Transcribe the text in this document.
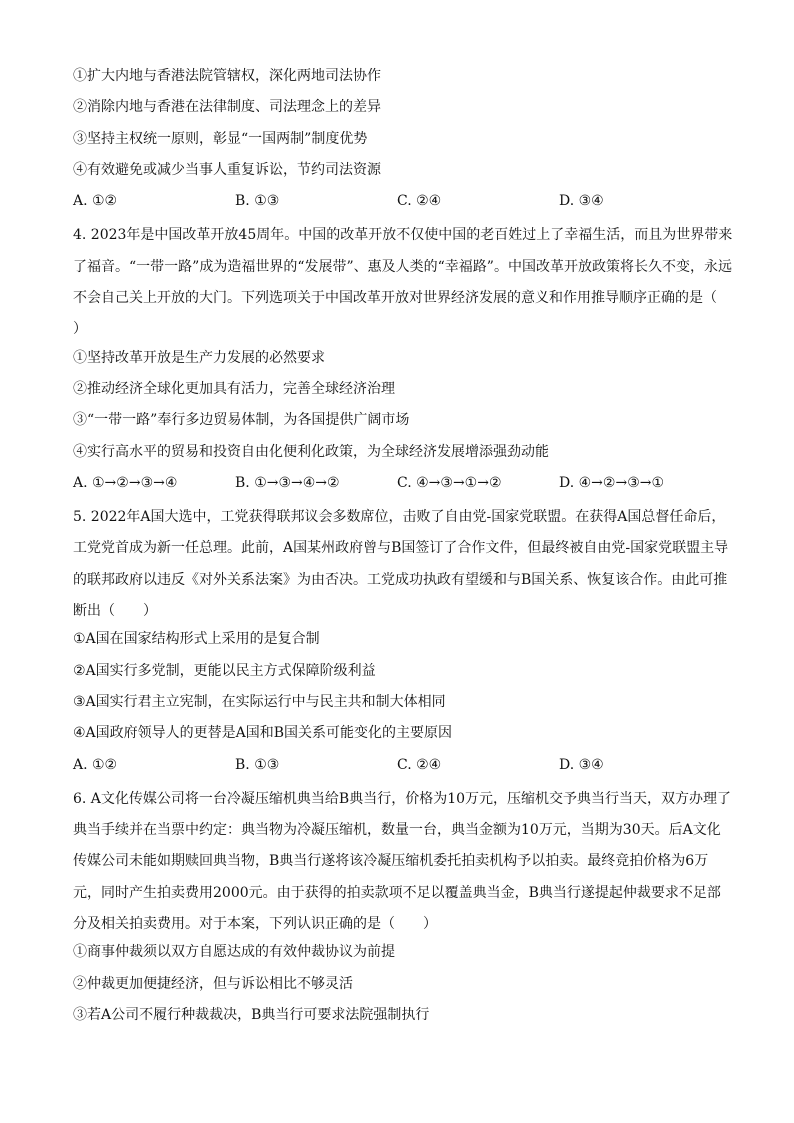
①扩大内地与香港法院管辖权，深化两地司法协作
②消除内地与香港在法律制度、司法理念上的差异
③坚持主权统一原则，彰显“一国两制”制度优势
④有效避免或减少当事人重复诉讼，节约司法资源
A. ①②	B. ①③	C. ②④	D. ③④
4. 2023年是中国改革开放45周年。中国的改革开放不仅使中国的老百姓过上了幸福生活，而且为世界带来了福音。“一带一路”成为造福世界的“发展带”、惠及人类的“幸福路”。中国改革开放政策将长久不变，永远不会自己关上开放的大门。下列选项关于中国改革开放对世界经济发展的意义和作用推导顺序正确的是（　　）
①坚持改革开放是生产力发展的必然要求
②推动经济全球化更加具有活力，完善全球经济治理
③“一带一路”奉行多边贸易体制，为各国提供广阔市场
④实行高水平的贸易和投资自由化便利化政策，为全球经济发展增添强劲动能
A. ①→②→③→④	B. ①→③→④→②	C. ④→③→①→②	D. ④→②→③→①
5. 2022年A国大选中，工党获得联邦议会多数席位，击败了自由党-国家党联盟。在获得A国总督任命后，工党党首成为新一任总理。此前，A国某州政府曾与B国签订了合作文件，但最终被自由党-国家党联盟主导的联邦政府以违反《对外关系法案》为由否决。工党成功执政有望缓和与B国关系、恢复该合作。由此可推断出（　　）
①A国在国家结构形式上采用的是复合制
②A国实行多党制，更能以民主方式保障阶级利益
③A国实行君主立宪制，在实际运行中与民主共和制大体相同
④A国政府领导人的更替是A国和B国关系可能变化的主要原因
A. ①②	B. ①③	C. ②④	D. ③④
6. A文化传媒公司将一台冷凝压缩机典当给B典当行，价格为10万元，压缩机交予典当行当天，双方办理了典当手续并在当票中约定：典当物为冷凝压缩机，数量一台，典当金额为10万元，当期为30天。后A文化传媒公司未能如期赎回典当物，B典当行遂将该冷凝压缩机委托拍卖机构予以拍卖。最终竞拍价格为6万元，同时产生拍卖费用2000元。由于获得的拍卖款项不足以覆盖典当金，B典当行遂提起仲裁要求不足部分及相关拍卖费用。对于本案，下列认识正确的是（　　）
①商事仲裁须以双方自愿达成的有效仲裁协议为前提
②仲裁更加便捷经济，但与诉讼相比不够灵活
③若A公司不履行种裁裁决，B典当行可要求法院强制执行
